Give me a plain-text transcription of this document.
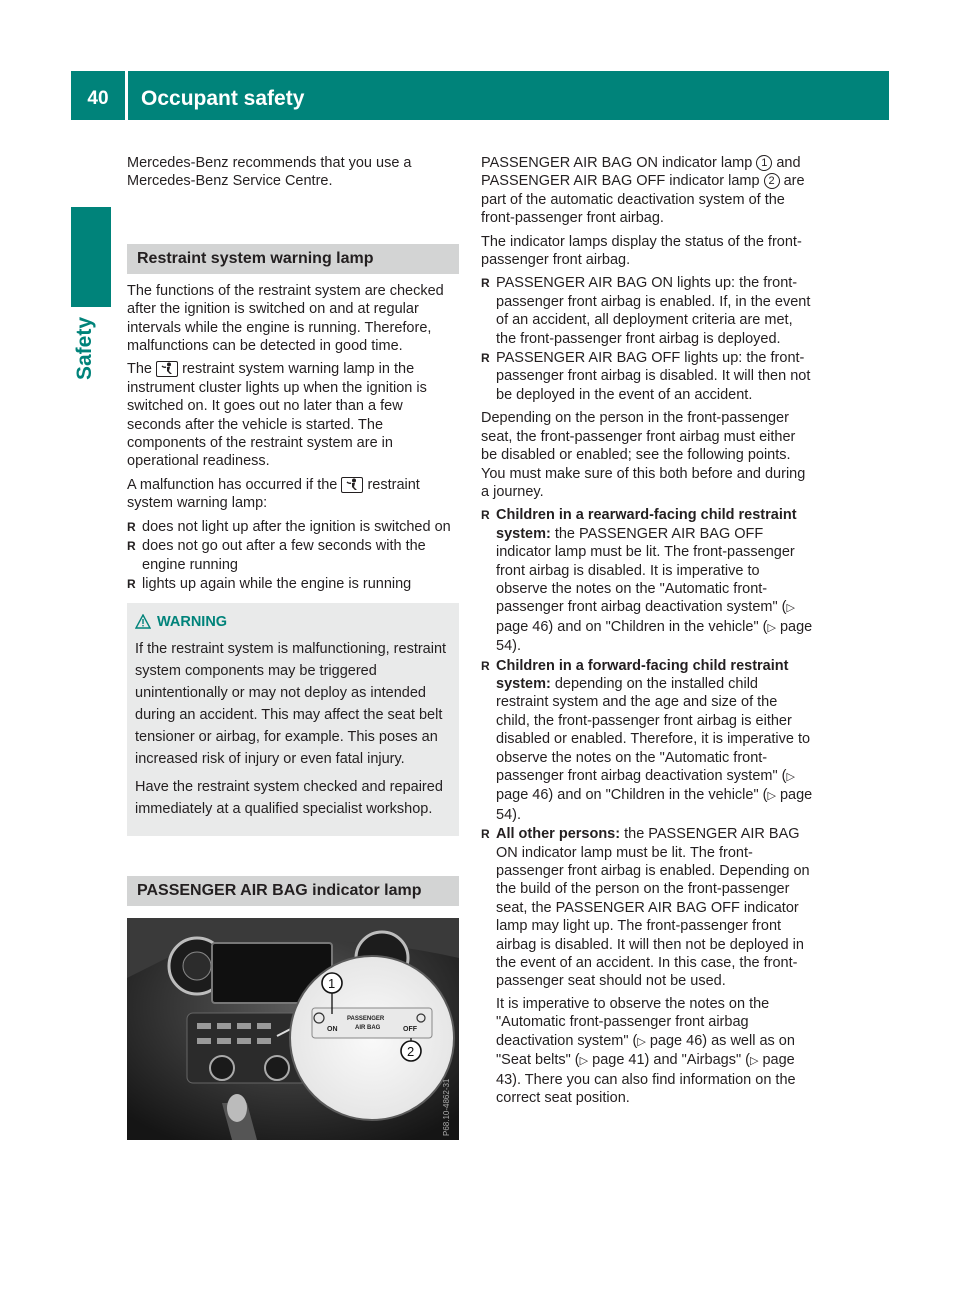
40	Occupant safety
Safety

Mercedes-Benz recommends that you use a Mercedes-Benz Service Centre.

Restraint system warning lamp

The functions of the restraint system are checked after the ignition is switched on and at regular intervals while the engine is running. Therefore, malfunctions can be detected in good time.

The restraint system warning lamp in the instrument cluster lights up when the ignition is switched on. It goes out no later than a few seconds after the vehicle is started. The components of the restraint system are in operational readiness.

A malfunction has occurred if the restraint system warning lamp:

R does not light up after the ignition is switched on
R does not go out after a few seconds with the engine running
R lights up again while the engine is running
WARNING

If the restraint system is malfunctioning, restraint system components may be triggered unintentionally or may not deploy as intended during an accident. This may affect the seat belt tensioner or airbag, for example. This poses an increased risk of injury or even fatal injury.

Have the restraint system checked and repaired immediately at a qualified specialist workshop.

PASSENGER AIR BAG indicator lamp
ON
PASSENGER
AIR BAG	OFF
1
2
P68.10-4862-31

PASSENGER AIR BAG ON indicator lamp 1 and PASSENGER AIR BAG OFF indicator lamp 2 are part of the automatic deactivation system of the front-passenger front airbag.

The indicator lamps display the status of the front-passenger front airbag.

R PASSENGER AIR BAG ON lights up: the front-passenger front airbag is enabled. If, in the event of an accident, all deployment criteria are met, the front-passenger front airbag is deployed.
R PASSENGER AIR BAG OFF lights up: the front-passenger front airbag is disabled. It will then not be deployed in the event of an accident.

Depending on the person in the front-passenger seat, the front-passenger front airbag must either be disabled or enabled; see the following points. You must make sure of this both before and during a journey.

R Children in a rearward-facing child restraint system: the PASSENGER AIR BAG OFF indicator lamp must be lit. The front-passenger front airbag is disabled. It is imperative to observe the notes on the "Automatic front-passenger front airbag deactivation system" (▷ page 46) and on "Children in the vehicle" (▷ page 54).
R Children in a forward-facing child restraint system: depending on the installed child restraint system and the age and size of the child, the front-passenger front airbag is either disabled or enabled. Therefore, it is imperative to observe the notes on the "Automatic front-passenger front airbag deactivation system" (▷ page 46) and on "Children in the vehicle" (▷ page 54).
R All other persons: the PASSENGER AIR BAG ON indicator lamp must be lit. The front-passenger front airbag is enabled. Depending on the build of the person on the front-passenger seat, the PASSENGER AIR BAG OFF indicator lamp may light up. The front-passenger front airbag is disabled. It will then not be deployed in the event of an accident. In this case, the front-passenger seat should not be used.
It is imperative to observe the notes on the "Automatic front-passenger front airbag deactivation system" (▷ page 46) as well as on "Seat belts" (▷ page 41) and "Airbags" (▷ page 43). There you can also find information on the correct seat position.
